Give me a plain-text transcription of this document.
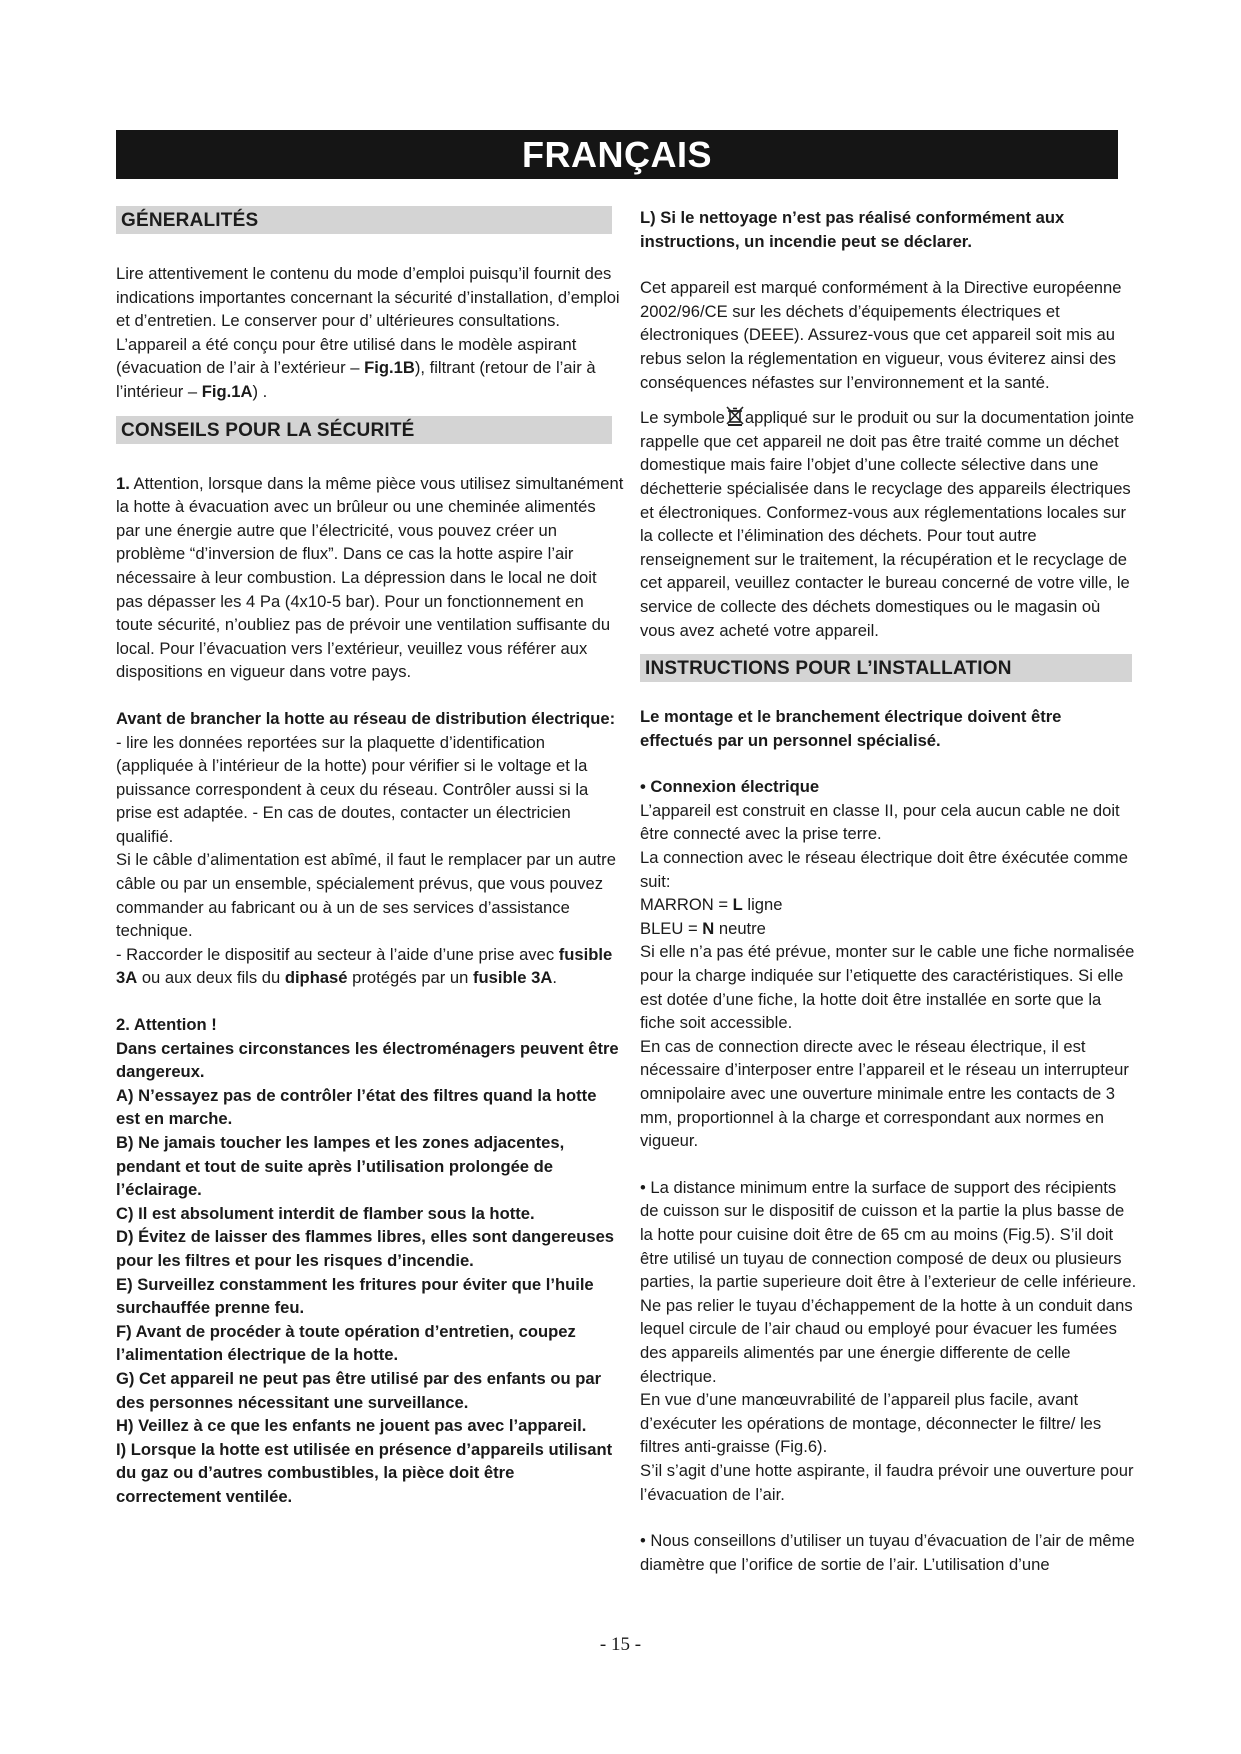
FRANÇAIS	F
GÉNERALITÉS

Lire attentivement le contenu du mode d’emploi puisqu’il fournit des indications importantes concernant la sécurité d’installation, d’emploi et d’entretien. Le conserver pour d’ ultérieures consultations. L’appareil a été conçu pour être utilisé dans le modèle aspirant (évacuation de l’air à l’extérieur – Fig.1B), filtrant (retour de l’air à l’intérieur – Fig.1A) .

CONSEILS POUR LA SÉCURITÉ

1. Attention, lorsque dans la même pièce vous utilisez simultanément la hotte à évacuation avec un brûleur ou une cheminée alimentés par une énergie autre que l’électricité, vous pouvez créer un problème “d’inversion de flux”. Dans ce cas la hotte aspire l’air nécessaire à leur combustion. La dépression dans le local ne doit pas dépasser les 4 Pa (4x10-5 bar). Pour un fonctionnement en toute sécurité, n’oubliez pas de prévoir une ventilation suffisante du local. Pour l’évacuation vers l’extérieur, veuillez vous référer aux dispositions en vigueur dans votre pays.

Avant de brancher la hotte au réseau de distribution électrique:

- lire les données reportées sur la plaquette d’identification (appliquée à l’intérieur de la hotte) pour vérifier si le voltage et la puissance correspondent à ceux du réseau. Contrôler aussi si la prise est adaptée. - En cas de doutes, contacter un électricien qualifié.

Si le câble d’alimentation est abîmé, il faut le remplacer par un autre câble ou par un ensemble, spécialement prévus, que vous pouvez commander au fabricant ou à un de ses services d’assistance technique.

- Raccorder le dispositif au secteur à l’aide d’une prise avec fusible 3A ou aux deux fils du diphasé protégés par un fusible 3A.

2. Attention !

Dans certaines circonstances les électroménagers peuvent être dangereux.

A) N’essayez pas de contrôler l’état des filtres quand la hotte est en marche.

B) Ne jamais toucher les lampes et les zones adjacentes, pendant et tout de suite après l’utilisation prolongée de l’éclairage.

C) Il est absolument interdit de flamber sous la hotte.

D) Évitez de laisser des flammes libres, elles sont dangereuses pour les filtres et pour les risques d’incendie.

E) Surveillez constamment les fritures pour éviter que l’huile surchauffée prenne feu.

F) Avant de procéder à toute opération d’entretien, coupez l’alimentation électrique de la hotte.

G) Cet appareil ne peut pas être utilisé par des enfants ou par des personnes nécessitant une surveillance.

H) Veillez à ce que les enfants ne jouent pas avec l’appareil.

I) Lorsque la hotte est utilisée en présence d’appareils utilisant du gaz ou d’autres combustibles, la pièce doit être correctement ventilée.

L) Si le nettoyage n’est pas réalisé conformément aux instructions, un incendie peut se déclarer.

Cet appareil est marqué conformément à la Directive européenne 2002/96/CE sur les déchets d’équipements électriques et électroniques (DEEE). Assurez-vous que cet appareil soit mis au rebus selon la réglementation en vigueur, vous éviterez ainsi des conséquences néfastes sur l’environnement et la santé.

Le symbole appliqué sur le produit ou sur la documentation jointe rappelle que cet appareil ne doit pas être traité comme un déchet domestique mais faire l’objet d’une collecte sélective dans une déchetterie spécialisée dans le recyclage des appareils électriques et électroniques. Conformez-vous aux réglementations locales sur la collecte et l’élimination des déchets. Pour tout autre renseignement sur le traitement, la récupération et le recyclage de cet appareil, veuillez contacter le bureau concerné de votre ville, le service de collecte des déchets domestiques ou le magasin où vous avez acheté votre appareil.

INSTRUCTIONS POUR L’INSTALLATION

Le montage et le branchement électrique doivent être effectués par un personnel spécialisé.

• Connexion électrique

L’appareil est construit en classe II, pour cela aucun cable ne doit être connecté avec la prise terre.

La connection avec le réseau électrique doit être éxécutée comme suit:

MARRON = L ligne

BLEU = N neutre

Si elle n’a pas été prévue, monter sur le cable une fiche normalisée pour la charge indiquée sur l’etiquette des caractéristiques. Si elle est dotée d’une fiche, la hotte doit être installée en sorte que la fiche soit accessible.

En cas de connection directe avec le réseau électrique, il est nécessaire d’interposer entre l’appareil et le réseau un interrupteur omnipolaire avec une ouverture minimale entre les contacts de 3 mm, proportionnel à la charge et correspondant aux normes en vigueur.

• La distance minimum entre la surface de support des récipients de cuisson sur le dispositif de cuisson et la partie la plus basse de la hotte pour cuisine doit être de 65 cm au moins (Fig.5). S’il doit être utilisé un tuyau de connection composé de deux ou plusieurs parties, la partie superieure doit être à l’exterieur de celle inférieure. Ne pas relier le tuyau d’échappement de la hotte à un conduit dans lequel circule de l’air chaud ou employé pour évacuer les fumées des appareils alimentés par une énergie differente de celle électrique.

En vue d’une manœuvrabilité de l’appareil plus facile, avant d’exécuter les opérations de montage, déconnecter le filtre/ les filtres anti-graisse (Fig.6).

S’il s’agit d’une hotte aspirante, il faudra prévoir une ouverture pour l’évacuation de l’air.

• Nous conseillons d’utiliser un tuyau d’évacuation de l’air de même diamètre que l’orifice de sortie de l’air. L’utilisation d’une

- 15 -
